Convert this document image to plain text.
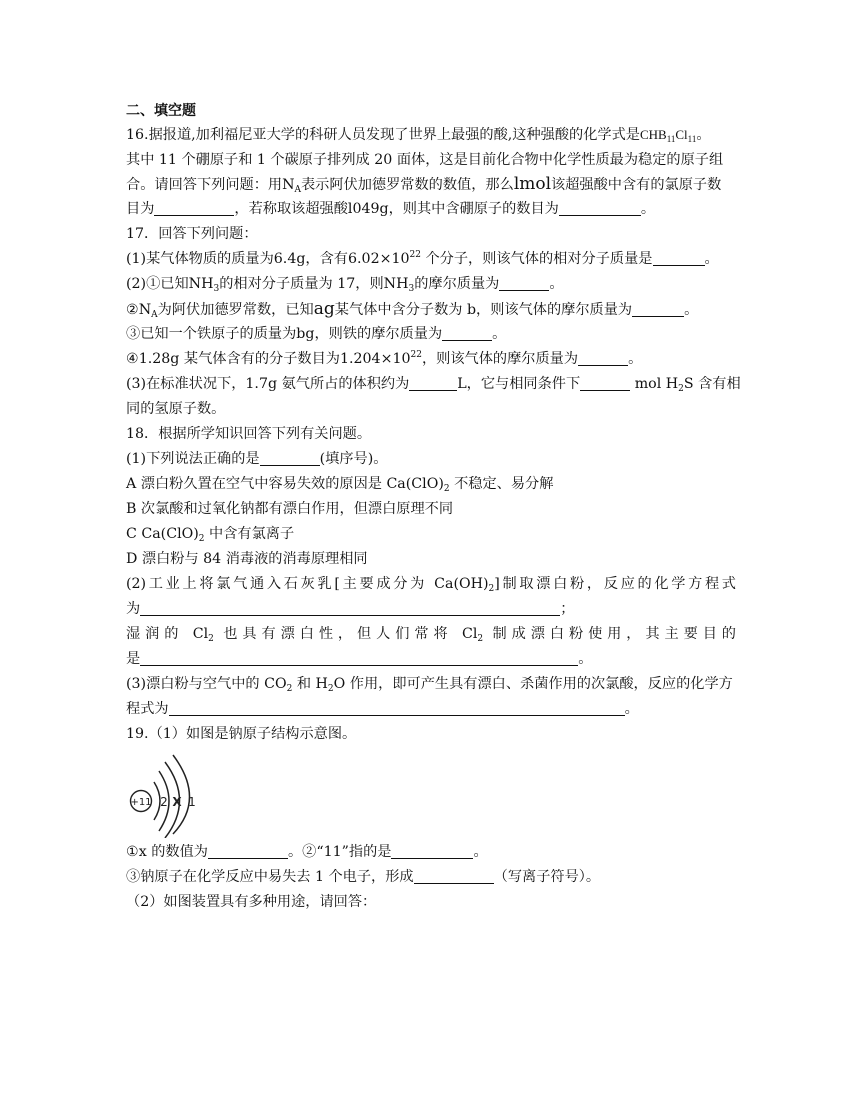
二、填空题
16.据报道,加利福尼亚大学的科研人员发现了世界上最强的酸,这种强酸的化学式是$CHB_{11}Cl_{11}$。
其中 11 个硼原子和 1 个碳原子排列成 20 面体，这是目前化合物中化学性质最为稳定的原子组
合。请回答下列问题：用$N_A$表示阿伏加德罗常数的数值，那么lmol该超强酸中含有的氯原子数
目为	，若称取该超强酸l049g，则其中含硼原子的数目为	。
17．回答下列问题：
(1)某气体物质的质量为6.4g，含有$6.02\times 10^{22}$ 个分子，则该气体的相对分子质量是	。
(2)①已知$NH_3$的相对分子质量为 17，则$NH_3$的摩尔质量为	。
$②N_A$为阿伏加德罗常数，已知ag某气体中含分子数为 b，则该气体的摩尔质量为	。
③已知一个铁原子的质量为bg，则铁的摩尔质量为	。
④1.28g 某气体含有的分子数目为$1.204\times 10^{22}$，则该气体的摩尔质量为	。
(3)在标准状况下，1.7g 氨气所占的体积约为	L，它与相同条件下	mol $H_2S$ 含有相
同的氢原子数。
18．根据所学知识回答下列有关问题。
(1)下列说法正确的是	(填序号)。
A 漂白粉久置在空气中容易失效的原因是 $Ca(ClO)_2$ 不稳定、易分解
B 次氯酸和过氧化钠都有漂白作用，但漂白原理不同
C $Ca(ClO)_2$ 中含有氯离子
D 漂白粉与 84 消毒液的消毒原理相同
(2)工业上将氯气通入石灰乳[主要成分为 $Ca(OH)_2$]制取漂白粉，反应的化学方程式
为	；
湿润的 $Cl_2$ 也具有漂白性，但人们常将 $Cl_2$ 制成漂白粉使用，其主要目的
是	。
(3)漂白粉与空气中的 $CO_2$ 和 $H_2O$ 作用，即可产生具有漂白、杀菌作用的次氯酸，反应的化学方
程式为	。
19.（1）如图是钠原子结构示意图。
+11 2 X 1
①x 的数值为	。②“11”指的是	。
③钠原子在化学反应中易失去 1 个电子，形成	（写离子符号）。
（2）如图装置具有多种用途，请回答：
